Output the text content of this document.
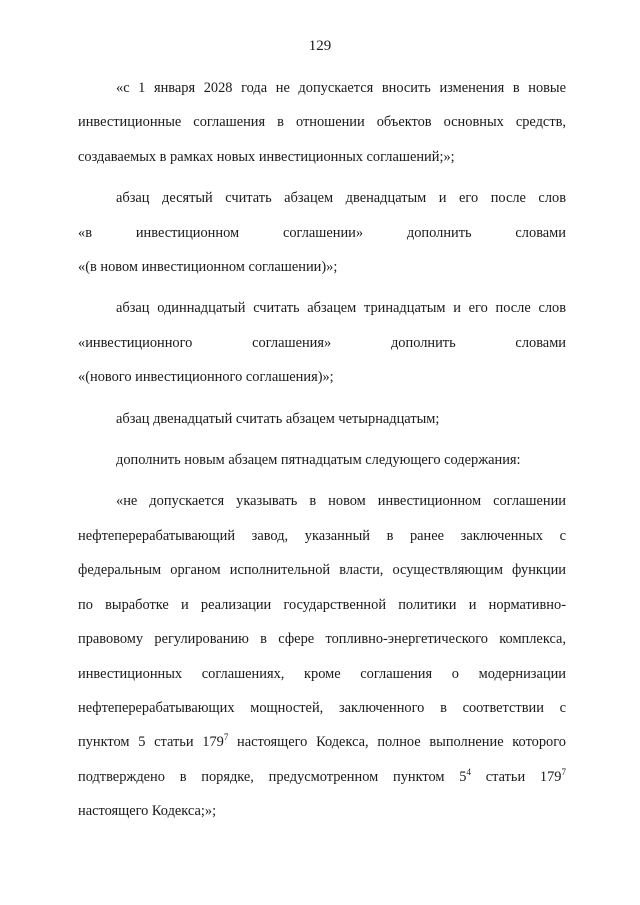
129
«с 1 января 2028 года не допускается вносить изменения в новые
инвестиционные соглашения в отношении объектов основных средств,
создаваемых в рамках новых инвестиционных соглашений;»;
абзац десятый считать абзацем двенадцатым и его после слов
«в инвестиционном соглашении» дополнить словами
«(в новом инвестиционном соглашении)»;
абзац одиннадцатый считать абзацем тринадцатым и его после слов
«инвестиционного соглашения» дополнить словами
«(нового инвестиционного соглашения)»;
абзац двенадцатый считать абзацем четырнадцатым;
дополнить новым абзацем пятнадцатым следующего содержания:
«не допускается указывать в новом инвестиционном соглашении
нефтеперерабатывающий завод, указанный в ранее заключенных с
федеральным органом исполнительной власти, осуществляющим функции
по выработке и реализации государственной политики и нормативно-
правовому регулированию в сфере топливно-энергетического комплекса,
инвестиционных соглашениях, кроме соглашения о модернизации
нефтеперерабатывающих мощностей, заключенного в соответствии с
пунктом 5 статьи $179^7$ настоящего Кодекса, полное выполнение которого
подтверждено в порядке, предусмотренном пунктом $5^4$ статьи $179^7$
настоящего Кодекса;»;
